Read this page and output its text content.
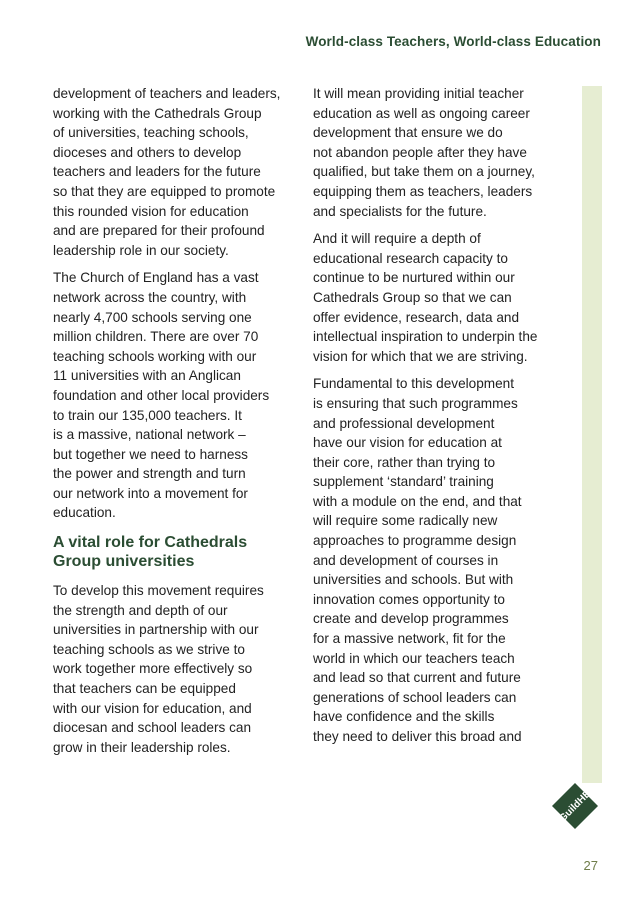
World-class Teachers, World-class Education

development of teachers and leaders,
working with the Cathedrals Group
of universities, teaching schools,
dioceses and others to develop
teachers and leaders for the future
so that they are equipped to promote
this rounded vision for education
and are prepared for their profound
leadership role in our society.

The Church of England has a vast
network across the country, with
nearly 4,700 schools serving one
million children. There are over 70
teaching schools working with our
11 universities with an Anglican
foundation and other local providers
to train our 135,000 teachers. It
is a massive, national network –
but together we need to harness
the power and strength and turn
our network into a movement for
education.

A vital role for Cathedrals
Group universities

To develop this movement requires
the strength and depth of our
universities in partnership with our
teaching schools as we strive to
work together more effectively so
that teachers can be equipped
with our vision for education, and
diocesan and school leaders can
grow in their leadership roles.

It will mean providing initial teacher
education as well as ongoing career
development that ensure we do
not abandon people after they have
qualified, but take them on a journey,
equipping them as teachers, leaders
and specialists for the future.

And it will require a depth of
educational research capacity to
continue to be nurtured within our
Cathedrals Group so that we can
offer evidence, research, data and
intellectual inspiration to underpin the
vision for which that we are striving.

Fundamental to this development
is ensuring that such programmes
and professional development
have our vision for education at
their core, rather than trying to
supplement ‘standard’ training
with a module on the end, and that
will require some radically new
approaches to programme design
and development of courses in
universities and schools. But with
innovation comes opportunity to
create and develop programmes
for a massive network, fit for the
world in which our teachers teach
and lead so that current and future
generations of school leaders can
have confidence and the skills
they need to deliver this broad and

GuildHE
27
